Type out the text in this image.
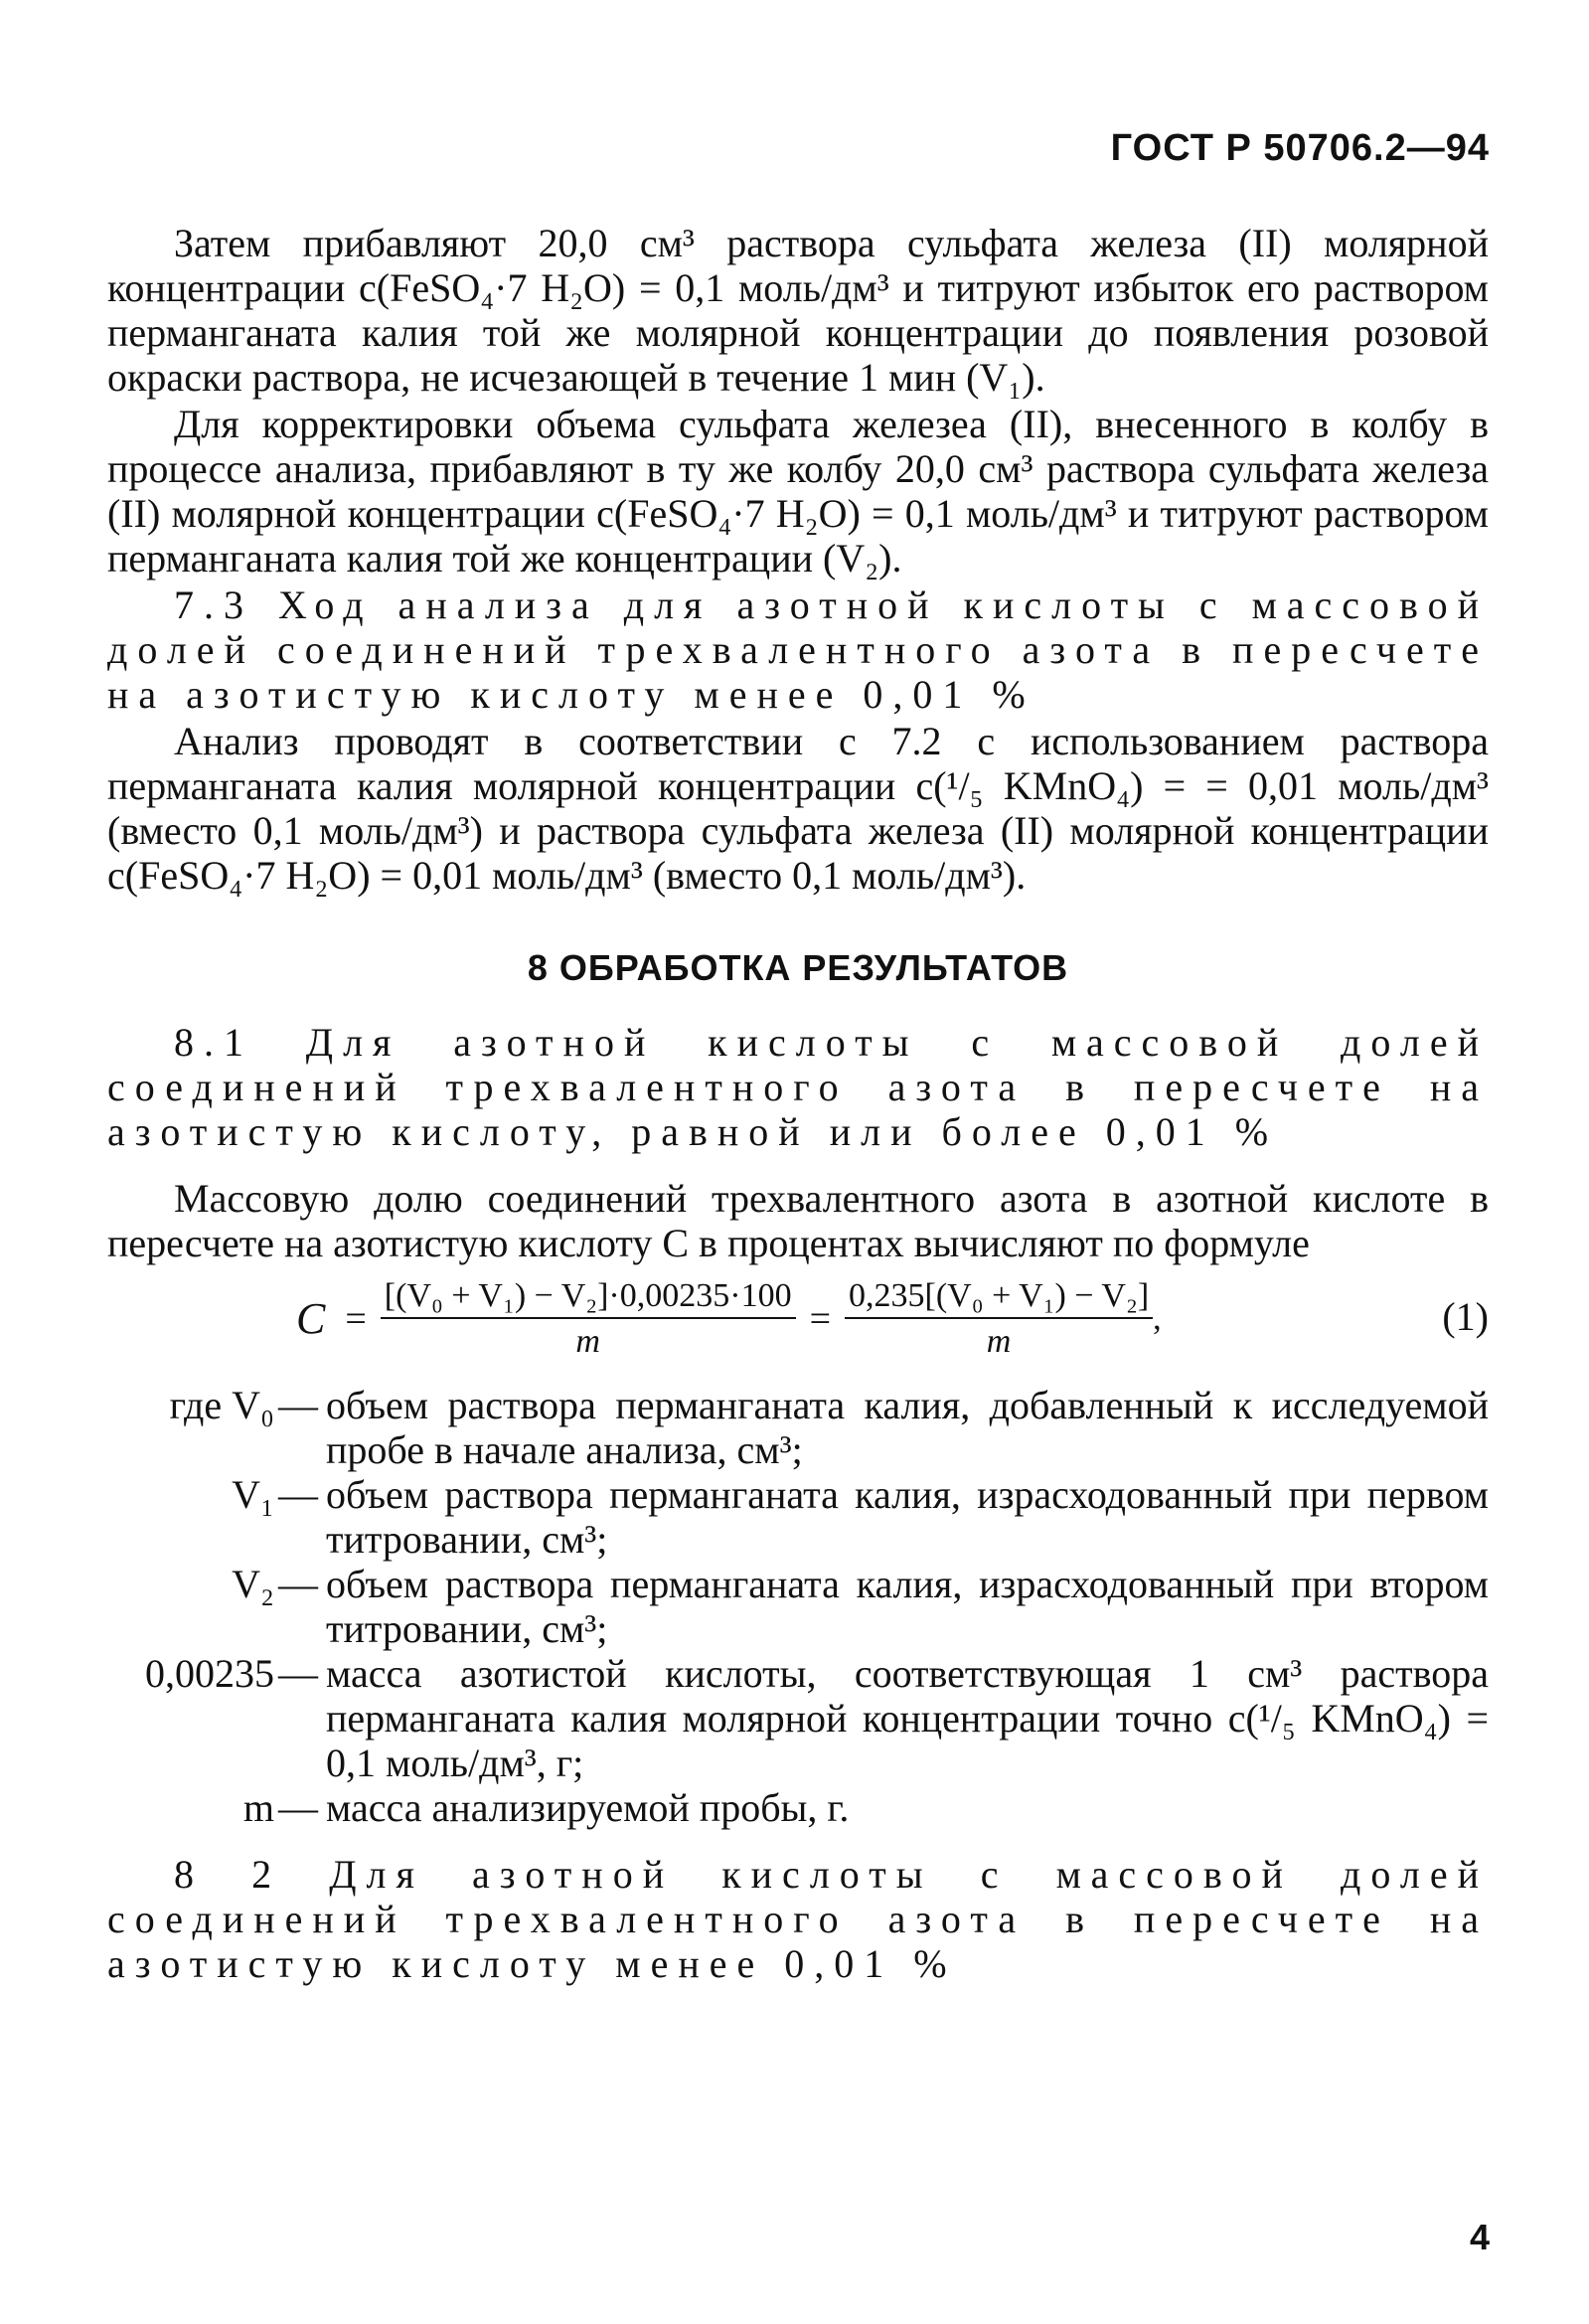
ГОСТ Р 50706.2—94

Затем прибавляют 20,0 см³ раствора сульфата железа (II) молярной концентрации c(FeSO₄·7 H₂O) = 0,1 моль/дм³ и титруют избыток его раствором перманганата калия той же молярной концентрации до появления розовой окраски раствора, не исчезающей в течение 1 мин (V₁).

Для корректировки объема сульфата железеа (II), внесенного в колбу в процессе анализа, прибавляют в ту же колбу 20,0 см³ раствора сульфата железа (II) молярной концентрации c(FeSO₄·7 H₂O) = 0,1 моль/дм³ и титруют раствором перманганата калия той же концентрации (V₂).

7.3 Ход анализа для азотной кислоты с массовой долей соединений трехвалентного азота в пересчете на азотистую кислоту менее 0,01 %

Анализ проводят в соответствии с 7.2 с использованием раствора перманганата калия молярной концентрации c(¹/₅ KMnO₄) = = 0,01 моль/дм³ (вместо 0,1 моль/дм³) и раствора сульфата железа (II) молярной концентрации c(FeSO₄·7 H₂O) = 0,01 моль/дм³ (вместо 0,1 моль/дм³).

8 ОБРАБОТКА РЕЗУЛЬТАТОВ

8.1 Для азотной кислоты с массовой долей соединений трехвалентного азота в пересчете на азотистую кислоту, равной или более 0,01 %

Массовую долю соединений трехвалентного азота в азотной кислоте в пересчете на азотистую кислоту C в процентах вычисляют по формуле

$C = \frac{\text{[(V₀ + V₁) − V₂]·0,00235·100}}{m} = \frac{\text{0,235[(V₀ + V₁) − V₂]}}{m}$ ,	(1)
где V₀ — объем раствора перманганата калия, добавленный к исследуемой пробе в начале анализа, см³;
V₁ — объем раствора перманганата калия, израсходованный при первом титровании, см³;
V₂ — объем раствора перманганата калия, израсходованный при втором титровании, см³;
0,00235 — масса азотистой кислоты, соответствующая 1 см³ раствора перманганата калия молярной концентрации точно c(¹/₅ KMnO₄) = 0,1 моль/дм³, г;
m — масса анализируемой пробы, г.

8 2 Для азотной кислоты с массовой долей соединений трехвалентного азота в пересчете на азотистую кислоту менее 0,01 %

4
